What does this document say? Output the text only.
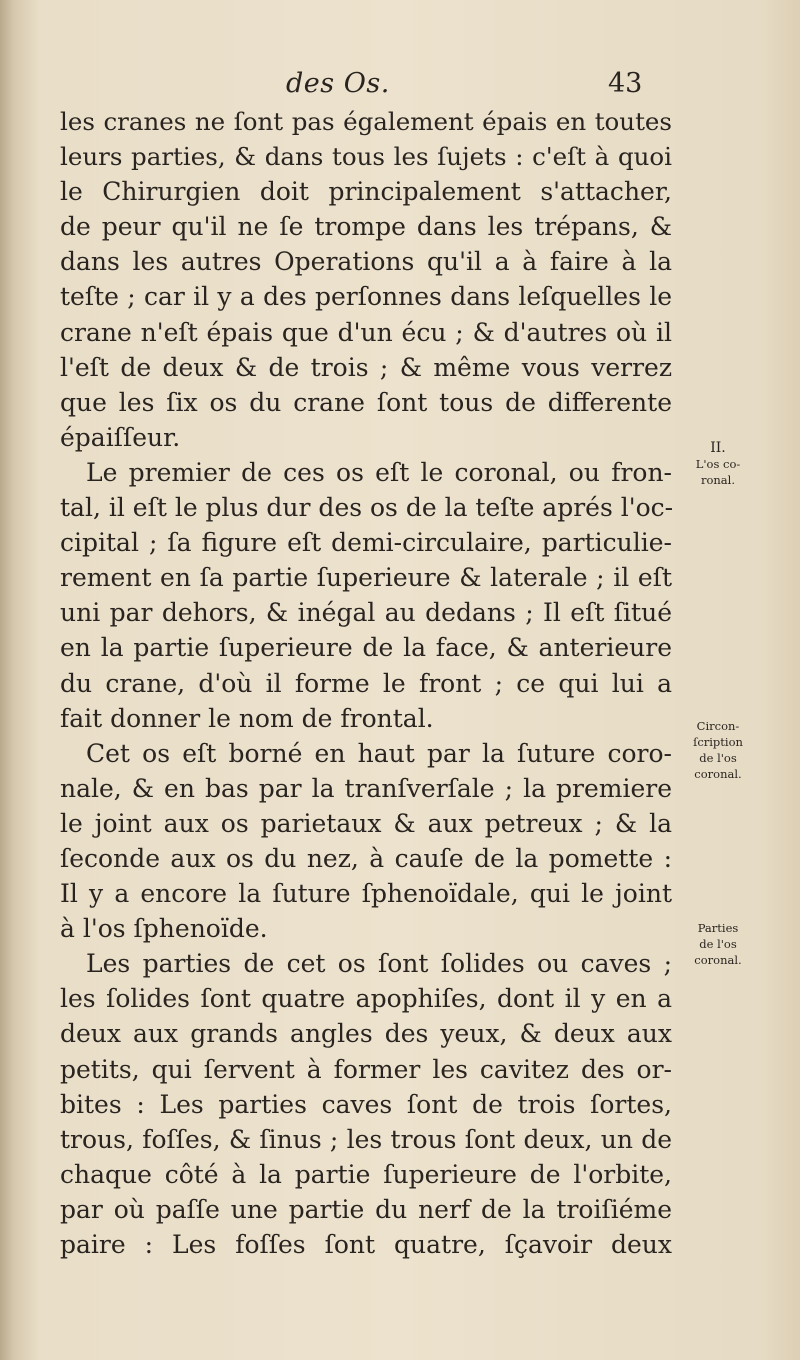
des Os.	43
les cranes ne ſont pas également épais en toutes
leurs parties, & dans tous les ſujets : c'eſt à quoi
le Chirurgien doit principalement s'attacher,
de peur qu'il ne ſe trompe dans les trépans, &
dans les autres Operations qu'il a à faire à la
teſte ; car il y a des perſonnes dans leſquelles le
crane n'eſt épais que d'un écu ; & d'autres où il
l'eſt de deux & de trois ; & même vous verrez
que les ſix os du crane ſont tous de differente
épaiſſeur.
Le premier de ces os eſt le coronal, ou fron-
tal, il eſt le plus dur des os de la teſte aprés l'oc-
cipital ; ſa figure eſt demi-circulaire, particulie-
rement en ſa partie ſuperieure & laterale ; il eſt
uni par dehors, & inégal au dedans ; Il eſt ſitué
en la partie ſuperieure de la face, & anterieure
du crane, d'où il forme le front ; ce qui lui a
fait donner le nom de frontal.
Cet os eſt borné en haut par la ſuture coro-
nale, & en bas par la tranſverſale ; la premiere
le joint aux os parietaux & aux petreux ; & la
ſeconde aux os du nez, à cauſe de la pomette :
Il y a encore la ſuture ſphenoïdale, qui le joint
à l'os ſphenoïde.
Les parties de cet os ſont ſolides ou caves ;
les ſolides ſont quatre apophiſes, dont il y en a
deux aux grands angles des yeux, & deux aux
petits, qui ſervent à former les cavitez des or-
bites : Les parties caves ſont de trois ſortes,
trous, foſſes, & ſinus ; les trous ſont deux, un de
chaque côté à la partie ſuperieure de l'orbite,
par où paſſe une partie du nerf de la troiſiéme
paire : Les foſſes ſont quatre, ſçavoir deux
II.
L'os co-
ronal.
Circon-
ſcription
de l'os
coronal.
Parties
de l'os
coronal.
